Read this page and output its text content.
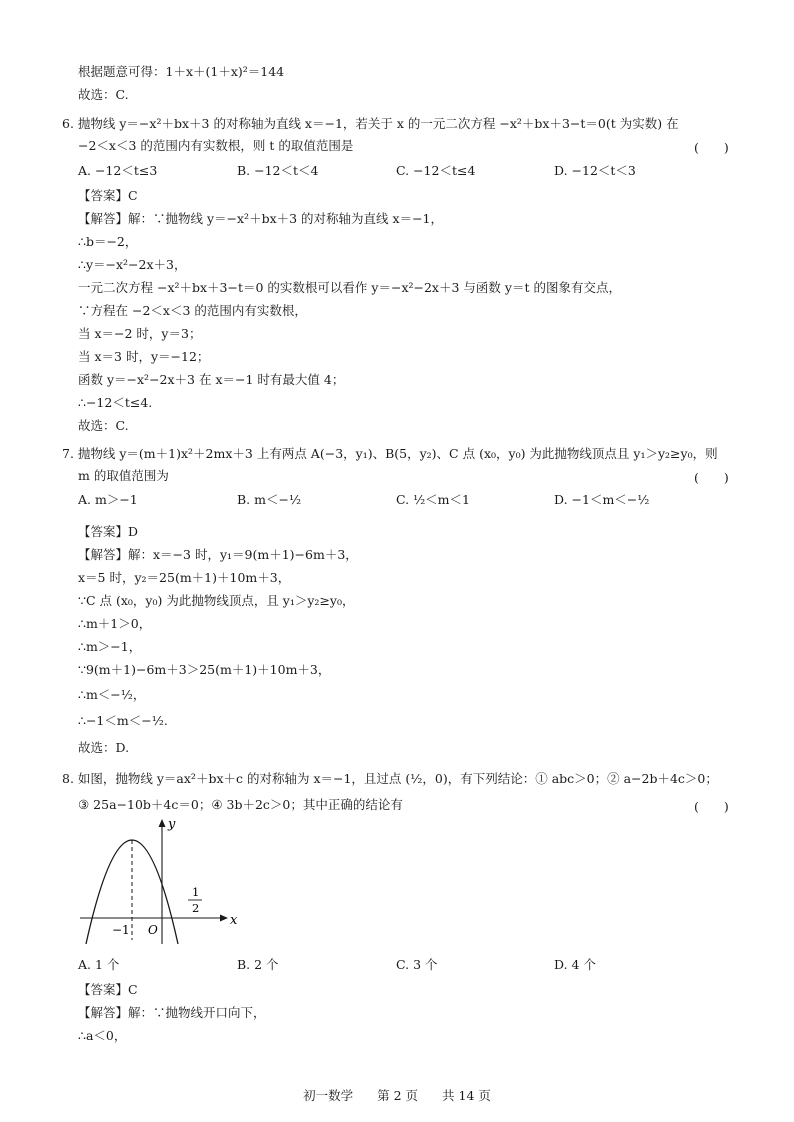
根据题意可得：1＋x＋(1＋x)²＝144
故选：C.
6. 抛物线 y＝−x²＋bx＋3 的对称轴为直线 x＝−1，若关于 x 的一元二次方程 −x²＋bx＋3−t＝0(t 为实数) 在
−2＜x＜3 的范围内有实数根，则 t 的取值范围是	(　　)
A. −12＜t≤3	B. −12＜t＜4	C. −12＜t≤4	D. −12＜t＜3
【答案】C
【解答】解：∵抛物线 y＝−x²＋bx＋3 的对称轴为直线 x＝−1，
∴b＝−2，
∴y＝−x²−2x＋3，
一元二次方程 −x²＋bx＋3−t＝0 的实数根可以看作 y＝−x²−2x＋3 与函数 y＝t 的图象有交点，
∵方程在 −2＜x＜3 的范围内有实数根，
当 x＝−2 时，y＝3；
当 x＝3 时，y＝−12；
函数 y＝−x²−2x＋3 在 x＝−1 时有最大值 4；
∴−12＜t≤4.
故选：C.
7. 抛物线 y＝(m＋1)x²＋2mx＋3 上有两点 A(−3，y₁)、B(5，y₂)、C 点 (x₀，y₀) 为此抛物线顶点且 y₁＞y₂≥y₀，则
m 的取值范围为	(　　)
A. m＞−1	B. m＜−½	C. ½＜m＜1	D. −1＜m＜−½
【答案】D
【解答】解：x＝−3 时，y₁＝9(m＋1)−6m＋3，
x＝5 时，y₂＝25(m＋1)＋10m＋3，
∵C 点 (x₀，y₀) 为此抛物线顶点，且 y₁＞y₂≥y₀，
∴m＋1＞0，
∴m＞−1，
∵9(m＋1)−6m＋3＞25(m＋1)＋10m＋3，
∴m＜−½，
∴−1＜m＜−½.
故选：D.
8. 如图，抛物线 y＝ax²＋bx＋c 的对称轴为 x＝−1，且过点 (½，0)，有下列结论：① abc＞0；② a−2b＋4c＞0；
③ 25a−10b＋4c＝0；④ 3b＋2c＞0；其中正确的结论有	(　　)
y
x
O
−1
1
2
A. 1 个	B. 2 个	C. 3 个	D. 4 个
【答案】C
【解答】解：∵抛物线开口向下，
∴a＜0，
初一数学 第 2 页 共 14 页
